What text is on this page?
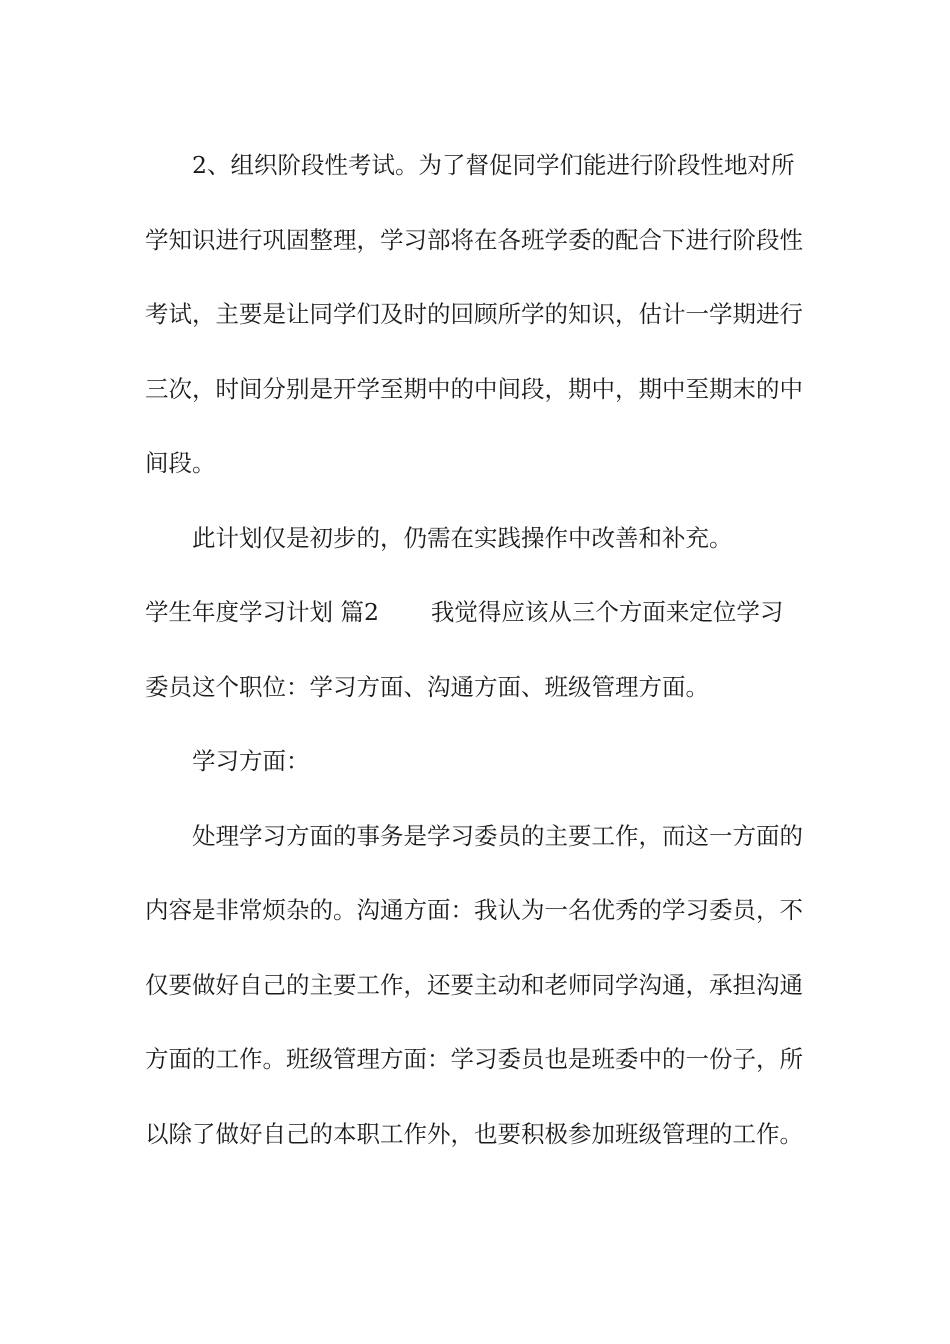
2、组织阶段性考试。为了督促同学们能进行阶段性地对所学知识进行巩固整理，学习部将在各班学委的配合下进行阶段性考试，主要是让同学们及时的回顾所学的知识，估计一学期进行三次，时间分别是开学至期中的中间段，期中，期中至期末的中间段。

此计划仅是初步的，仍需在实践操作中改善和补充。

学生年度学习计划 篇2 我觉得应该从三个方面来定位学习委员这个职位：学习方面、沟通方面、班级管理方面。

学习方面：

处理学习方面的事务是学习委员的主要工作，而这一方面的内容是非常烦杂的。沟通方面：我认为一名优秀的学习委员，不仅要做好自己的主要工作，还要主动和老师同学沟通，承担沟通方面的工作。班级管理方面：学习委员也是班委中的一份子，所以除了做好自己的本职工作外，也要积极参加班级管理的工作。
